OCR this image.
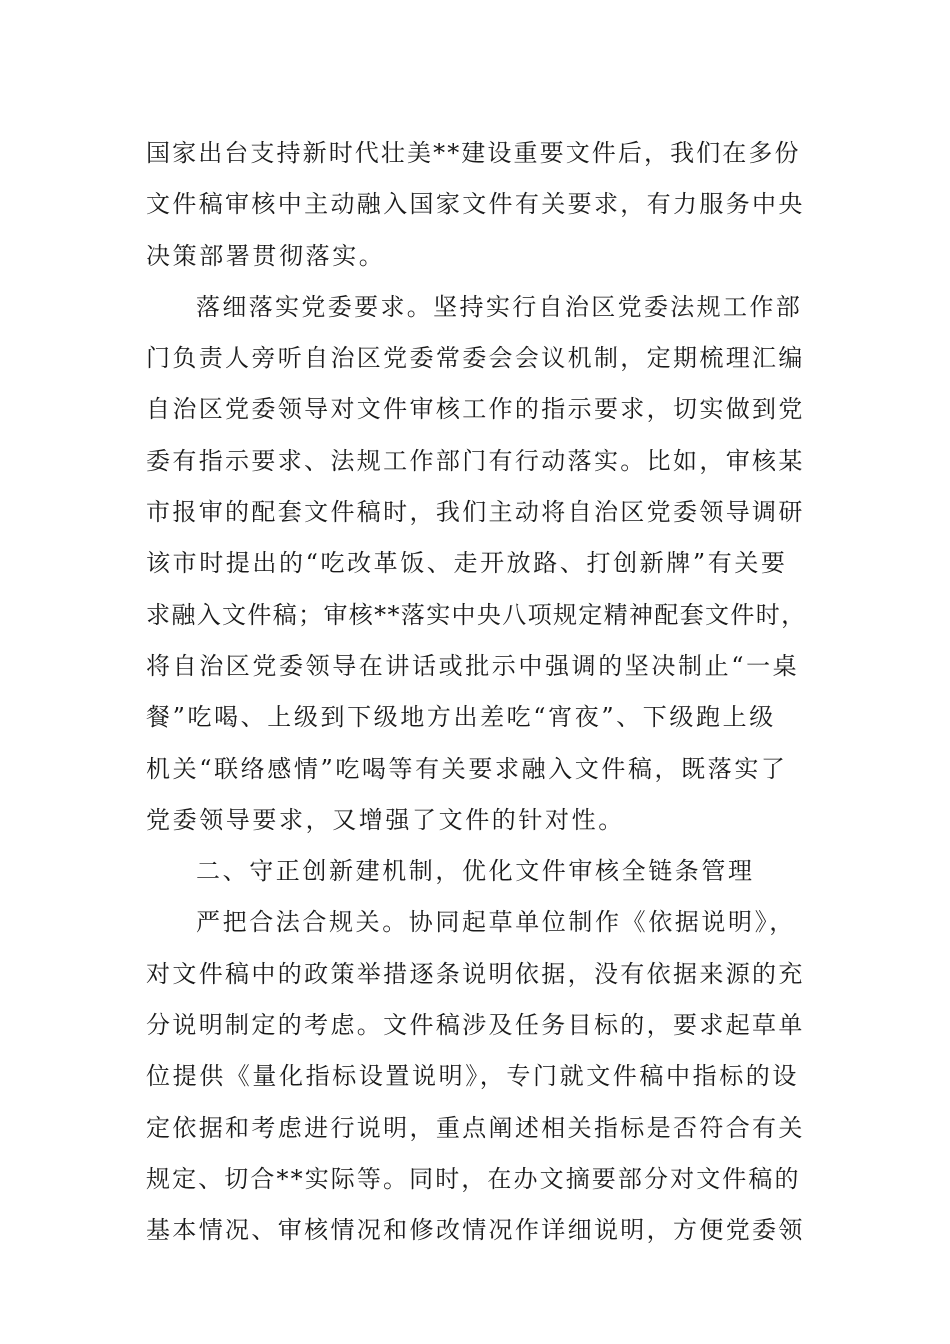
国家出台支持新时代壮美**建设重要文件后，我们在多份
文件稿审核中主动融入国家文件有关要求，有力服务中央
决策部署贯彻落实。
落细落实党委要求。坚持实行自治区党委法规工作部
门负责人旁听自治区党委常委会会议机制，定期梳理汇编
自治区党委领导对文件审核工作的指示要求，切实做到党
委有指示要求、法规工作部门有行动落实。比如，审核某
市报审的配套文件稿时，我们主动将自治区党委领导调研
该市时提出的“吃改革饭、走开放路、打创新牌”有关要
求融入文件稿；审核**落实中央八项规定精神配套文件时，
将自治区党委领导在讲话或批示中强调的坚决制止“一桌
餐”吃喝、上级到下级地方出差吃“宵夜”、下级跑上级
机关“联络感情”吃喝等有关要求融入文件稿，既落实了
党委领导要求，又增强了文件的针对性。
二、守正创新建机制，优化文件审核全链条管理
严把合法合规关。协同起草单位制作《依据说明》，
对文件稿中的政策举措逐条说明依据，没有依据来源的充
分说明制定的考虑。文件稿涉及任务目标的，要求起草单
位提供《量化指标设置说明》，专门就文件稿中指标的设
定依据和考虑进行说明，重点阐述相关指标是否符合有关
规定、切合**实际等。同时，在办文摘要部分对文件稿的
基本情况、审核情况和修改情况作详细说明，方便党委领
